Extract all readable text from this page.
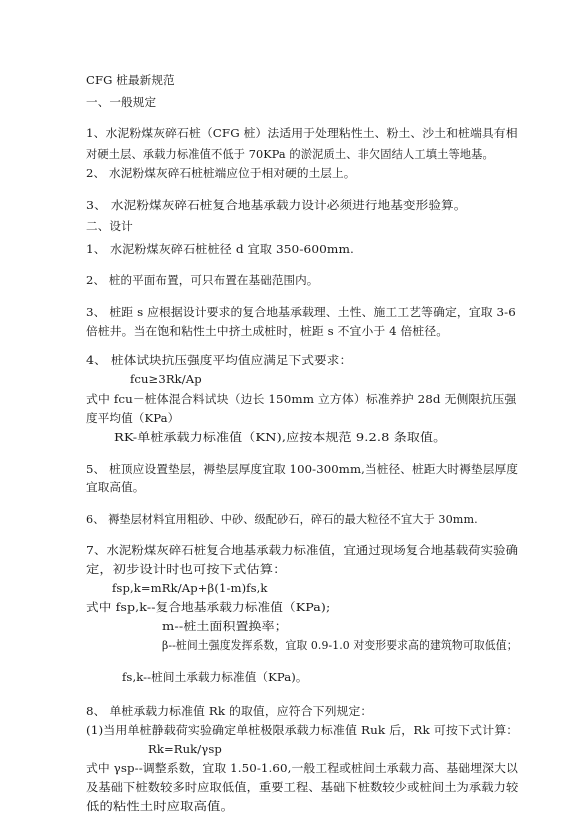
CFG 桩最新规范
一、一般规定
1、水泥粉煤灰碎石桩（CFG 桩）法适用于处理粘性土、粉土、沙土和桩端具有相
对硬土层、承载力标准值不低于 70KPa 的淤泥质土、非欠固结人工填土等地基。
2、 水泥粉煤灰碎石桩桩端应位于相对硬的土层上。
3、 水泥粉煤灰碎石桩复合地基承载力设计必须进行地基变形验算。
二、设计
1、 水泥粉煤灰碎石桩桩径 d 宜取 350-600mm.
2、 桩的平面布置，可只布置在基础范围内。
3、 桩距 s 应根据设计要求的复合地基承载理、土性、施工工艺等确定，宜取 3-6
倍桩井。当在饱和粘性土中挤土成桩时，桩距 s 不宜小于 4 倍桩径。
4、 桩体试块抗压强度平均值应满足下式要求：
fcu≥3Rk/Ap
式中 fcu－桩体混合料试块（边长 150mm 立方体）标准养护 28d 无侧限抗压强
度平均值（KPa）
RK-单桩承载力标准值（KN),应按本规范 9.2.8 条取值。
5、 桩顶应设置垫层，褥垫层厚度宜取 100-300mm,当桩径、桩距大时褥垫层厚度
宜取高值。
6、 褥垫层材料宜用粗砂、中砂、级配砂石，碎石的最大粒径不宜大于 30mm.
7、水泥粉煤灰碎石桩复合地基承载力标准值，宜通过现场复合地基载荷实验确
定，初步设计时也可按下式估算：
fsp,k=mRk/Ap+β(1-m)fs,k
式中 fsp,k--复合地基承载力标准值（KPa);
m--桩土面积置换率；
β--桩间土强度发挥系数，宜取 0.9-1.0 对变形要求高的建筑物可取低值；
fs,k--桩间土承载力标准值（KPa)。
8、 单桩承载力标准值 Rk 的取值，应符合下列规定：
(1)当用单桩静载荷实验确定单桩极限承载力标准值 Ruk 后，Rk 可按下式计算：
Rk=Ruk/γsp
式中 γsp--调整系数，宜取 1.50-1.60,一般工程或桩间土承载力高、基础埋深大以
及基础下桩数较多时应取低值，重要工程、基础下桩数较少或桩间土为承载力较
低的粘性土时应取高值。
